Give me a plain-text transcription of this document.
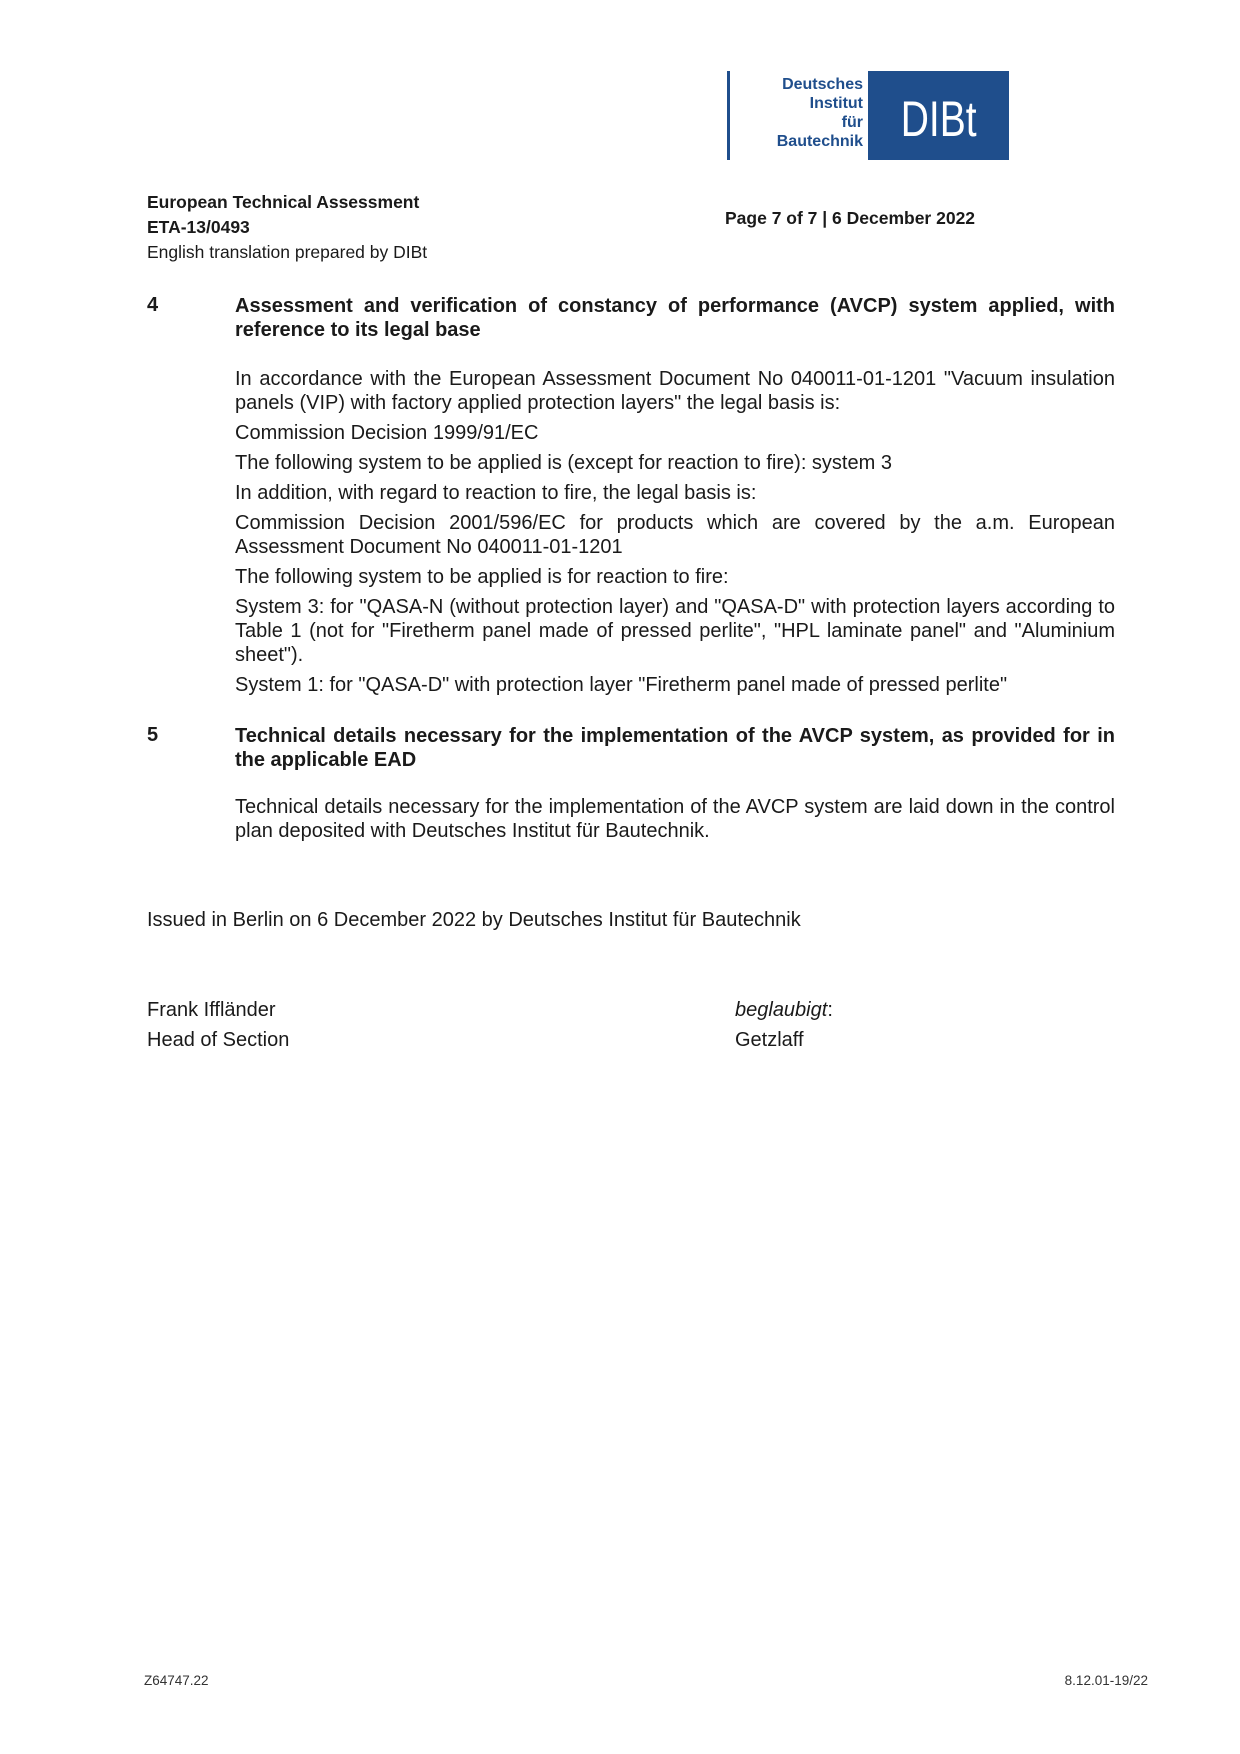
Deutsches
Institut
für
Bautechnik DIBt
European Technical Assessment
ETA-13/0493
English translation prepared by DIBt
Page 7 of 7 | 6 December 2022
4	Assessment and verification of constancy of performance (AVCP) system applied, with reference to its legal base

In accordance with the European Assessment Document No 040011-01-1201 "Vacuum insulation panels (VIP) with factory applied protection layers" the legal basis is:

Commission Decision 1999/91/EC

The following system to be applied is (except for reaction to fire): system 3

In addition, with regard to reaction to fire, the legal basis is:

Commission Decision 2001/596/EC for products which are covered by the a.m. European Assessment Document No 040011-01-1201

The following system to be applied is for reaction to fire:

System 3: for "QASA-N (without protection layer) and "QASA-D" with protection layers according to Table 1 (not for "Firetherm panel made of pressed perlite", "HPL laminate panel" and "Aluminium sheet").

System 1: for "QASA-D" with protection layer "Firetherm panel made of pressed perlite"

5	Technical details necessary for the implementation of the AVCP system, as provided for in the applicable EAD

Technical details necessary for the implementation of the AVCP system are laid down in the control plan deposited with Deutsches Institut für Bautechnik.

Issued in Berlin on 6 December 2022 by Deutsches Institut für Bautechnik
Frank Iffländer
Head of Section
beglaubigt:
Getzlaff
Z64747.22	8.12.01-19/22
